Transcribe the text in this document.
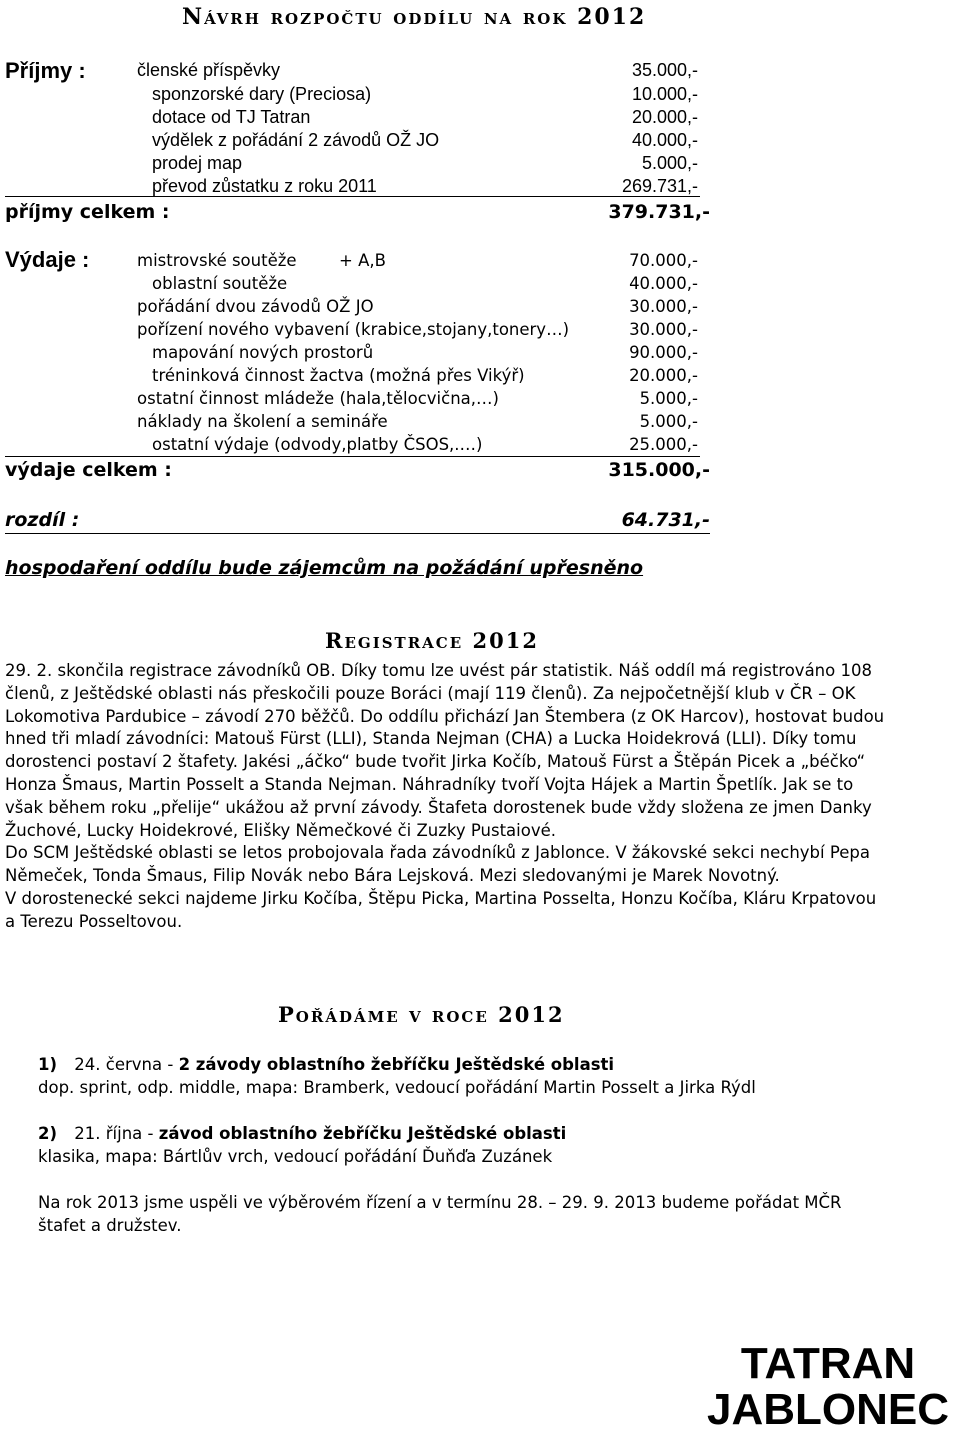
Návrh rozpočtu oddílu na rok 2012
Příjmy :	členské příspěvky	35.000,-
sponzorské dary (Preciosa)	10.000,-
dotace od TJ Tatran	20.000,-
výdělek z pořádání 2 závodů OŽ JO	40.000,-
prodej map	5.000,-
převod zůstatku z roku 2011	269.731,-
příjmy celkem :	379.731,-
Výdaje :	mistrovské soutěže	+ A,B	70.000,-
oblastní soutěže	40.000,-
pořádání dvou závodů OŽ JO	30.000,-
pořízení nového vybavení (krabice,stojany,tonery…)	30.000,-
mapování nových prostorů	90.000,-
tréninková činnost žactva (možná přes Vikýř)	20.000,-
ostatní činnost mládeže (hala,tělocvična,…)	5.000,-
náklady na školení a semináře	5.000,-
ostatní výdaje (odvody,platby ČSOS,.…)	25.000,-
výdaje celkem :	315.000,-
rozdíl :	64.731,-
hospodaření oddílu bude zájemcům na požádání upřesněno
Registrace 2012

29. 2. skončila registrace závodníků OB. Díky tomu lze uvést pár statistik. Náš oddíl má registrováno 108 členů, z Ještědské oblasti nás přeskočili pouze Boráci (mají 119 členů). Za nejpočetnější klub v ČR – OK Lokomotiva Pardubice – závodí 270 běžčů. Do oddílu přichází Jan Štembera (z OK Harcov), hostovat budou hned tři mladí závodníci: Matouš Fürst (LLI), Standa Nejman (CHA) a Lucka Hoidekrová (LLI). Díky tomu dorostenci postaví 2 štafety. Jakési „áčko“ bude tvořit Jirka Kočíb, Matouš Fürst a Štěpán Picek a „béčko“ Honza Šmaus, Martin Posselt a Standa Nejman. Náhradníky tvoří Vojta Hájek a Martin Špetlík. Jak se to však během roku „přelije“ ukážou až první závody. Štafeta dorostenek bude vždy složena ze jmen Danky Žuchové, Lucky Hoidekrové, Elišky Němečkové či Zuzky Pustaiové.

Do SCM Ještědské oblasti se letos probojovala řada závodníků z Jablonce. V žákovské sekci nechybí Pepa Němeček, Tonda Šmaus, Filip Novák nebo Bára Lejsková. Mezi sledovanými je Marek Novotný.

V dorostenecké sekci najdeme Jirku Kočíba, Štěpu Picka, Martina Posselta, Honzu Kočíba, Kláru Krpatovou a Terezu Posseltovou.

Pořádáme v roce 2012
1) 24. června - 2 závody oblastního žebříčku Ještědské oblasti
dop. sprint, odp. middle, mapa: Bramberk, vedoucí pořádání Martin Posselt a Jirka Rýdl
2) 21. října - závod oblastního žebříčku Ještědské oblasti
klasika, mapa: Bártlův vrch, vedoucí pořádání Ďuňďa Zuzánek
Na rok 2013 jsme uspěli ve výběrovém řízení a v termínu 28. – 29. 9. 2013 budeme pořádat MČR
štafet a družstev.
TATRAN
JABLONEC
